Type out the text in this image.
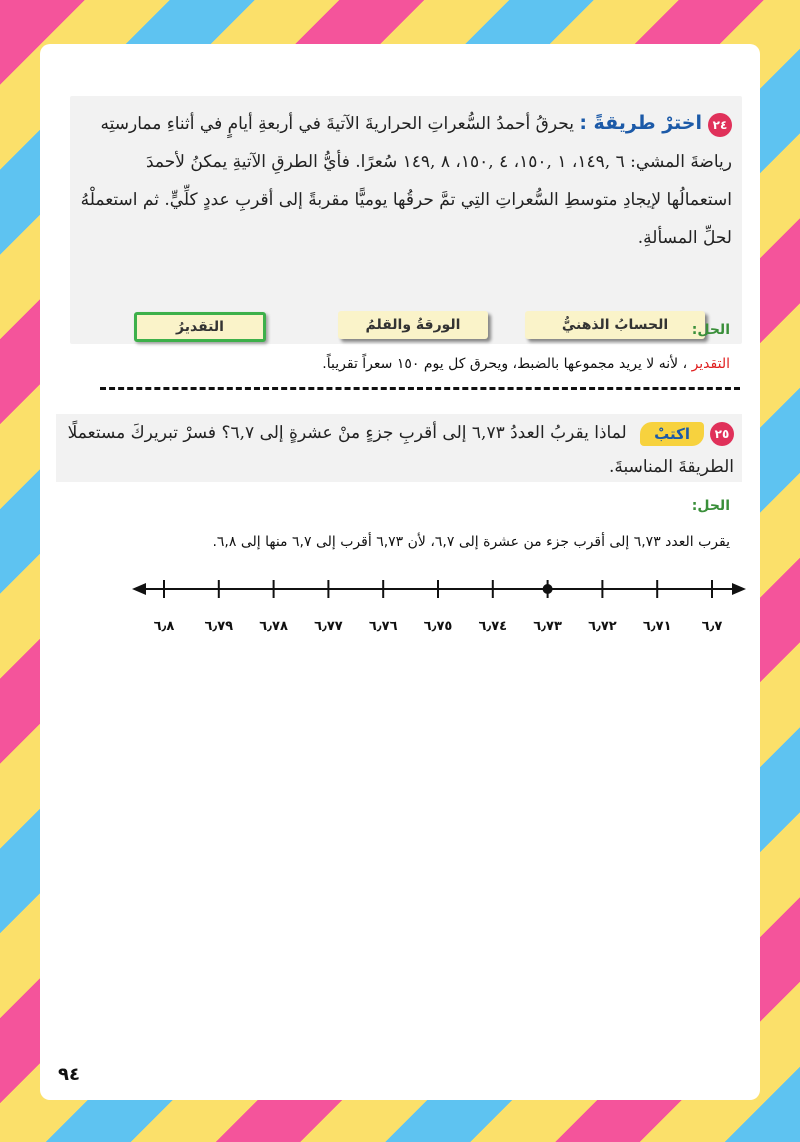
٢٤اخترْ طريقةً : يحرقُ أحمدُ السُّعراتِ الحراريةَ الآتيةَ في أربعةِ أيامٍ في أثناءِ ممارستِه رياضةَ المشي: ٦ ,١٤٩، ١ ,١٥٠، ٤ ,١٥٠، ٨ ,١٤٩ سُعرًا. فأيُّ الطرقِ الآتيةِ يمكنُ لأحمدَ استعمالُها لإيجادِ متوسطِ السُّعراتِ التِي تمَّ حرقُها يوميًّا مقربةً إلى أقربِ عددٍ كلِّيٍّ. ثم استعملْهُ لحلِّ المسألةِ.
الحسابُ الذهنيُّ
الورقةُ والقلمُ
التقديرُ	الحل:
التقدير ، لأنه لا يريد مجموعها بالضبط، ويحرق كل يوم ١٥٠ سعراً تقريباً.
٢٥اكتبْ لماذا يقربُ العددُ ٦,٧٣ إلى أقربِ جزءٍ منْ عشرةٍ إلى ٦,٧؟ فسرْ تبريركَ مستعملًا الطريقةَ المناسبةَ.
الحل:
يقرب العدد ٦,٧٣ إلى أقرب جزء من عشرة إلى ٦,٧، لأن ٦,٧٣ أقرب إلى ٦,٧ منها إلى ٦,٨.
٦٫٧
٦٫٧١
٦٫٧٢
٦٫٧٣
٦٫٧٤
٦٫٧٥
٦٫٧٦
٦٫٧٧
٦٫٧٨
٦٫٧٩
٦٫٨
٩٤
